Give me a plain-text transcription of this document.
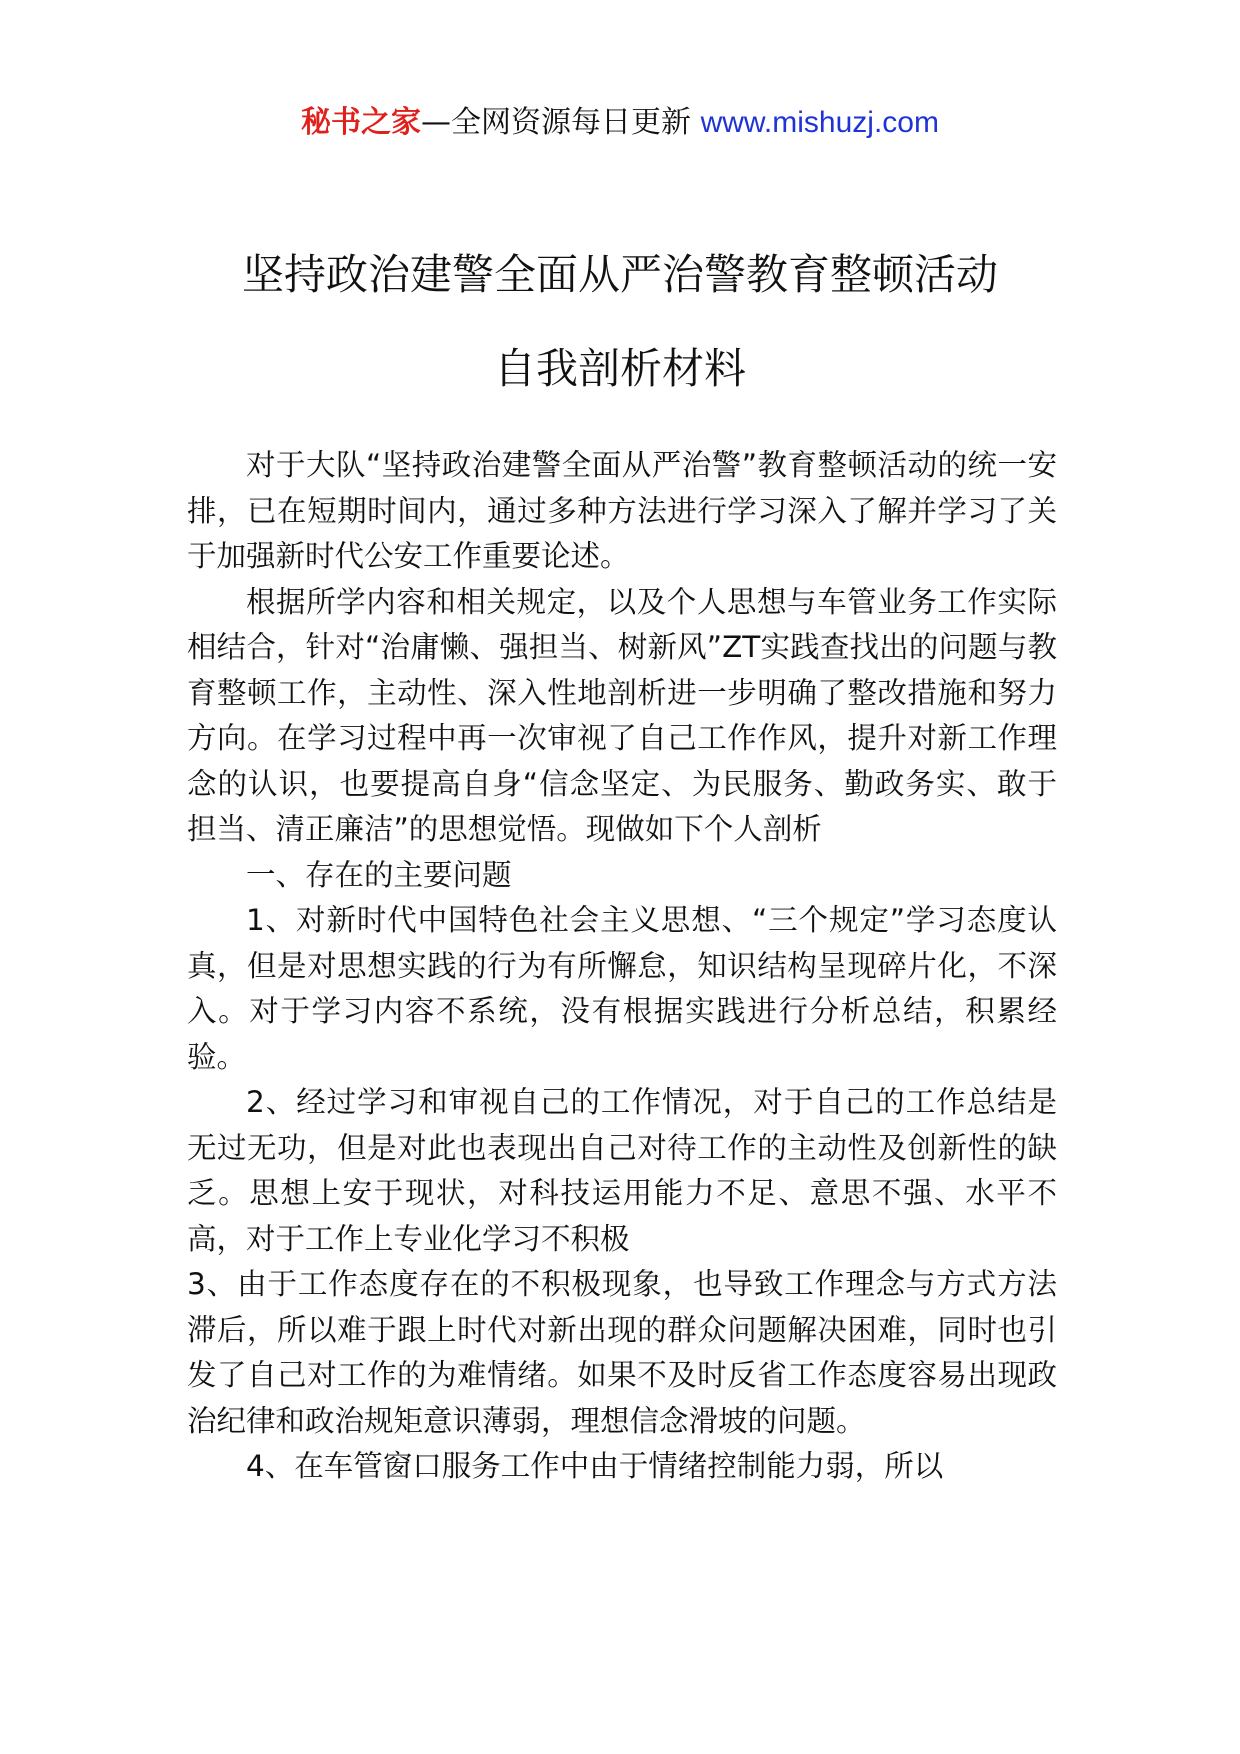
秘书之家—全网资源每日更新 www.mishuzj.com
坚持政治建警全面从严治警教育整顿活动
自我剖析材料

对于大队“坚持政治建警全面从严治警”教育整顿活动的统一安排，已在短期时间内，通过多种方法进行学习深入了解并学习了关于加强新时代公安工作重要论述。

根据所学内容和相关规定，以及个人思想与车管业务工作实际相结合，针对“治庸懒、强担当、树新风”ZT实践查找出的问题与教育整顿工作，主动性、深入性地剖析进一步明确了整改措施和努力方向。在学习过程中再一次审视了自己工作作风，提升对新工作理念的认识，也要提高自身“信念坚定、为民服务、勤政务实、敢于担当、清正廉洁”的思想觉悟。现做如下个人剖析

一、存在的主要问题

1、对新时代中国特色社会主义思想、“三个规定”学习态度认真，但是对思想实践的行为有所懈怠，知识结构呈现碎片化，不深入。对于学习内容不系统，没有根据实践进行分析总结，积累经验。

2、经过学习和审视自己的工作情况，对于自己的工作总结是无过无功，但是对此也表现出自己对待工作的主动性及创新性的缺乏。思想上安于现状，对科技运用能力不足、意思不强、水平不高，对于工作上专业化学习不积极

3、由于工作态度存在的不积极现象，也导致工作理念与方式方法滞后，所以难于跟上时代对新出现的群众问题解决困难，同时也引发了自己对工作的为难情绪。如果不及时反省工作态度容易出现政治纪律和政治规矩意识薄弱，理想信念滑坡的问题。

4、在车管窗口服务工作中由于情绪控制能力弱，所以
